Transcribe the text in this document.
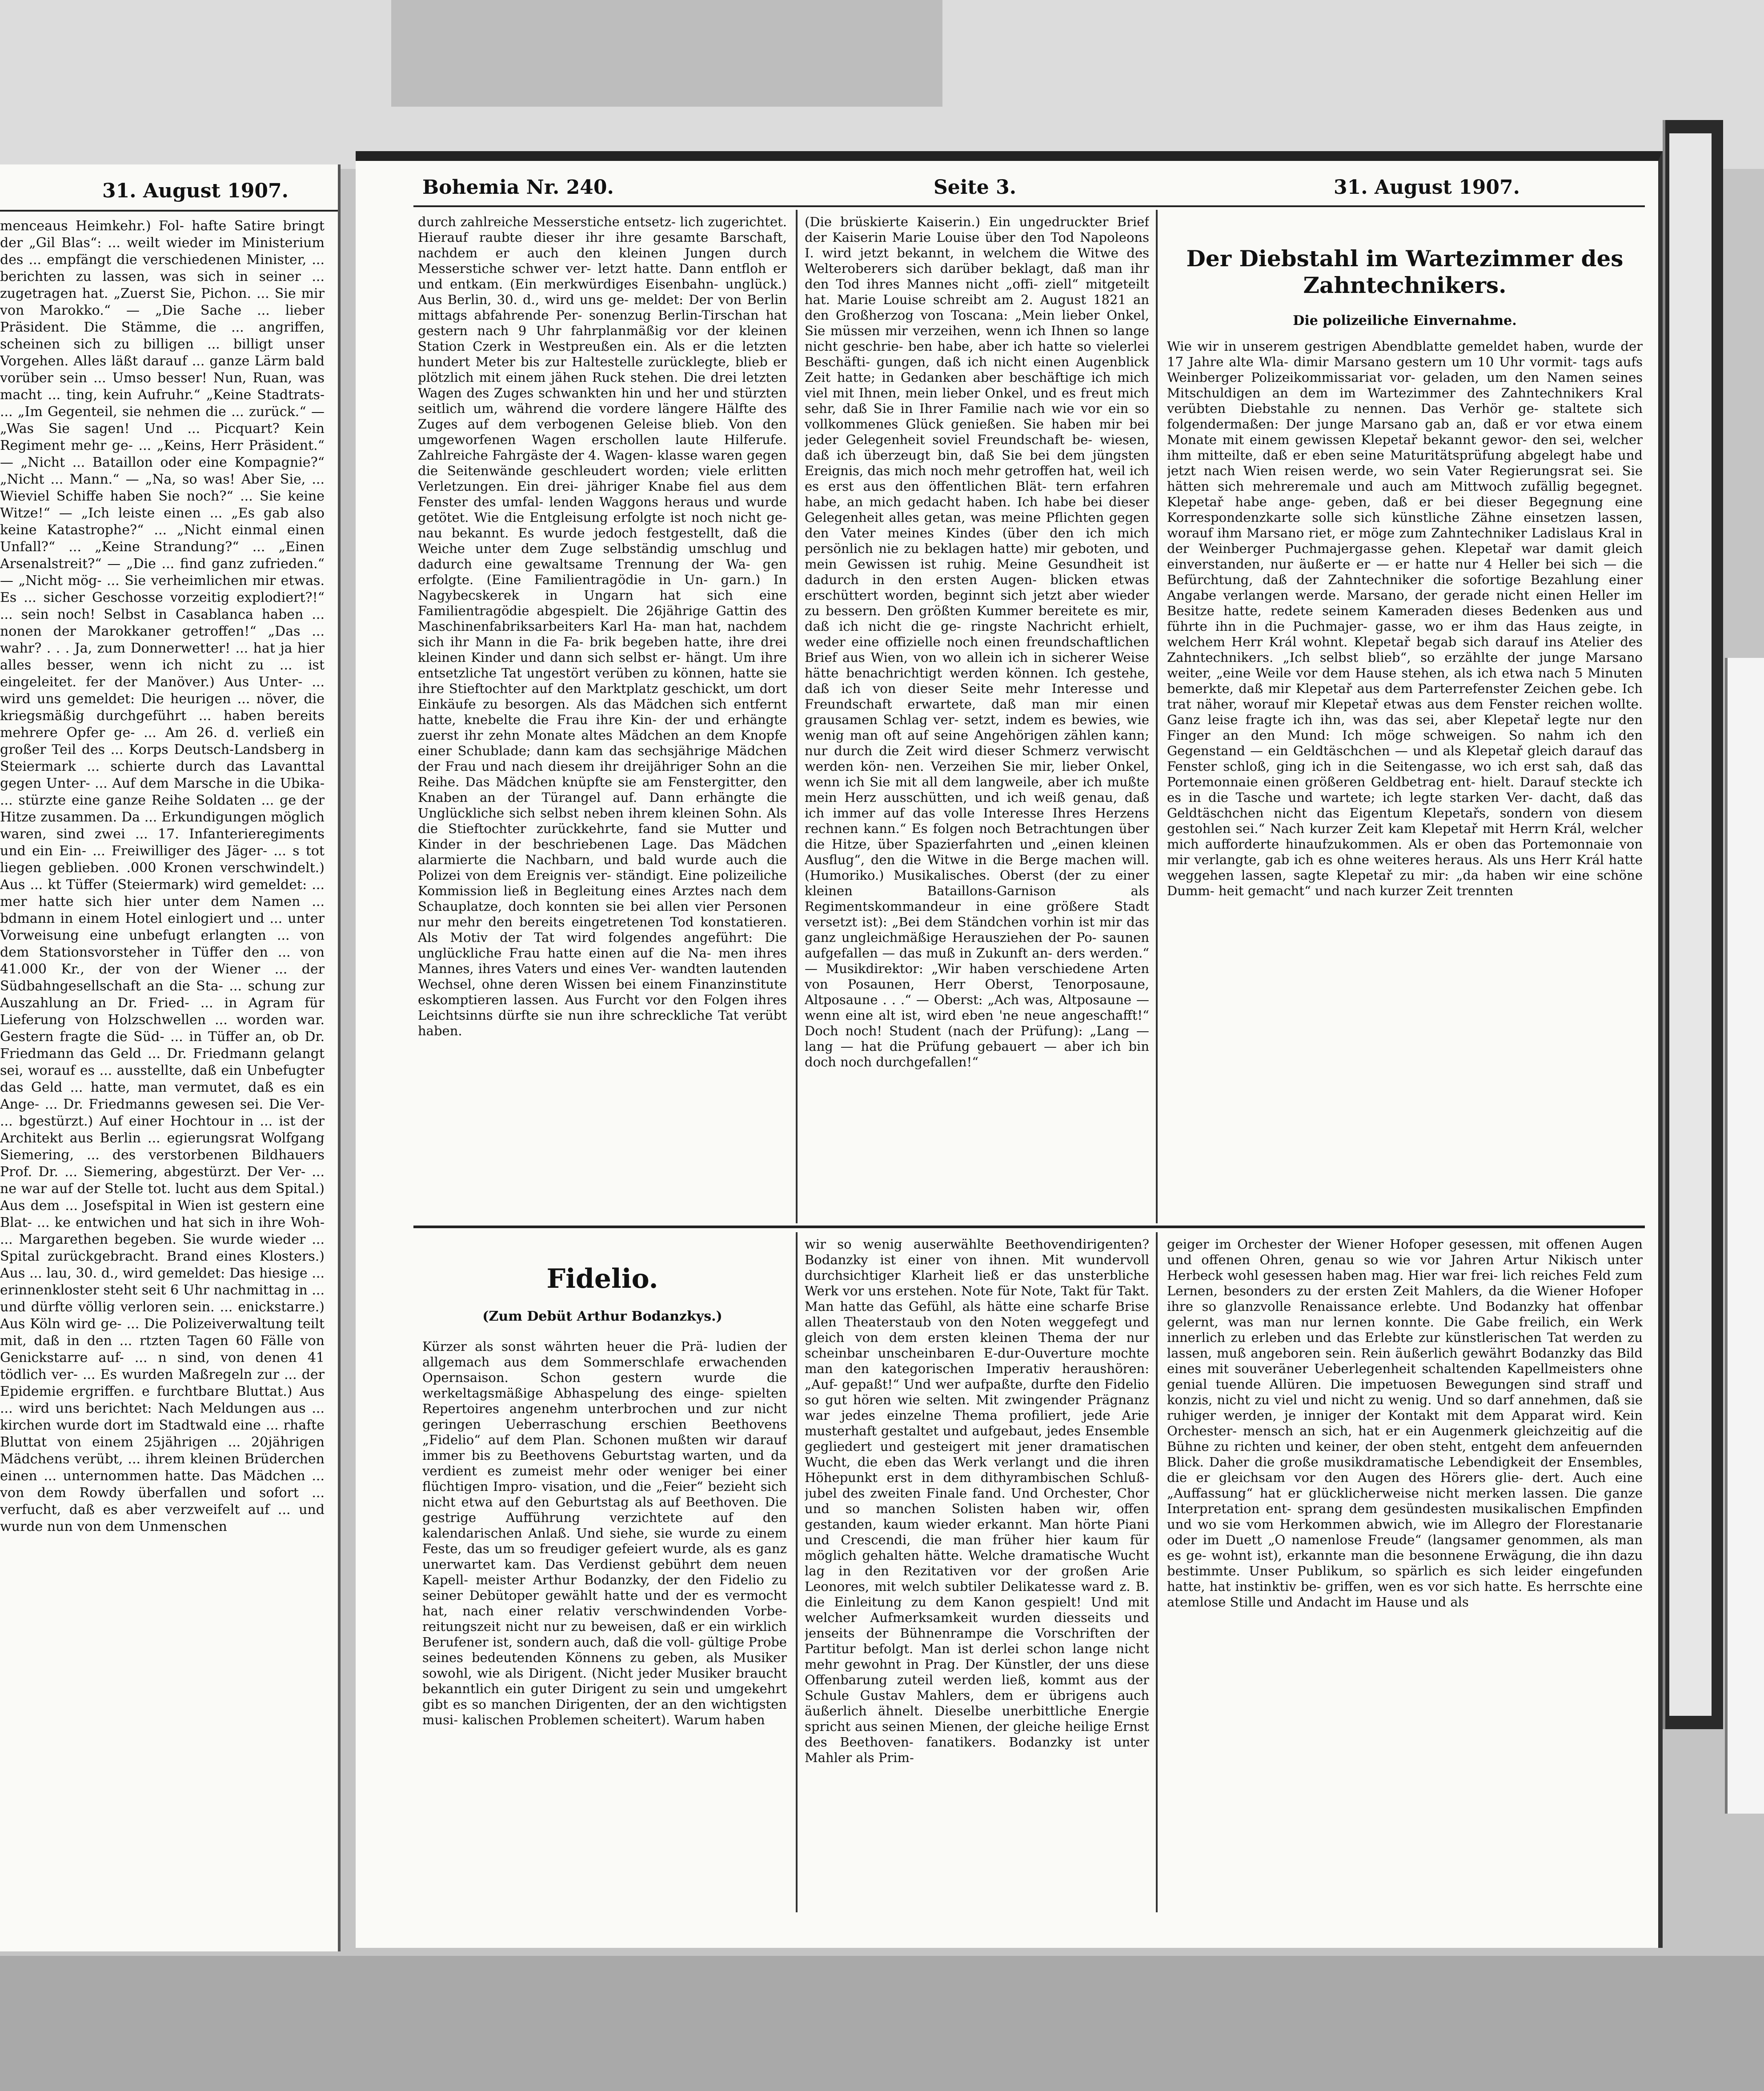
31. August 1907.
menceaus Heimkehr.) Fol- hafte Satire bringt der „Gil Blas“: ... weilt wieder im Ministerium des ... empfängt die verschiedenen Minister, ... berichten zu lassen, was sich in seiner ... zugetragen hat. „Zuerst Sie, Pichon. ... Sie mir von Marokko.“ — „Die Sache ... lieber Präsident. Die Stämme, die ... angriffen, scheinen sich zu billigen ... billigt unser Vorgehen. Alles läßt darauf ... ganze Lärm bald vorüber sein ... Umso besser! Nun, Ruan, was macht ... ting, kein Aufruhr.“ „Keine Stadtrats- ... „Im Gegenteil, sie nehmen die ... zurück.“ — „Was Sie sagen! Und ... Picquart? Kein Regiment mehr ge- ... „Keins, Herr Präsident.“ — „Nicht ... Bataillon oder eine Kompagnie?“ „Nicht ... Mann.“ — „Na, so was! Aber Sie, ... Wieviel Schiffe haben Sie noch?“ ... Sie keine Witze!“ — „Ich leiste einen ... „Es gab also keine Katastrophe?“ ... „Nicht einmal einen Unfall?“ ... „Keine Strandung?“ ... „Einen Arsenalstreit?“ — „Die ... find ganz zufrieden.“ — „Nicht mög- ... Sie verheimlichen mir etwas. Es ... sicher Geschosse vorzeitig explodiert?!“ ... sein noch! Selbst in Casablanca haben ... nonen der Marokkaner getroffen!“ „Das ... wahr? . . . Ja, zum Donnerwetter! ... hat ja hier alles besser, wenn ich nicht zu ... ist eingeleitet. fer der Manöver.) Aus Unter- ... wird uns gemeldet: Die heurigen ... növer, die kriegsmäßig durchgeführt ... haben bereits mehrere Opfer ge- ... Am 26. d. verließ ein großer Teil des ... Korps Deutsch-Landsberg in Steiermark ... schierte durch das Lavanttal gegen Unter- ... Auf dem Marsche in die Ubika- ... stürzte eine ganze Reihe Soldaten ... ge der Hitze zusammen. Da ... Erkundigungen möglich waren, sind zwei ... 17. Infanterieregiments und ein Ein- ... Freiwilliger des Jäger- ... s tot liegen geblieben. .000 Kronen verschwindelt.) Aus ... kt Tüffer (Steiermark) wird gemeldet: ... mer hatte sich hier unter dem Namen ... bdmann in einem Hotel einlogiert und ... unter Vorweisung eine unbefugt erlangten ... von dem Stationsvorsteher in Tüffer den ... von 41.000 Kr., der von der Wiener ... der Südbahngesellschaft an die Sta- ... schung zur Auszahlung an Dr. Fried- ... in Agram für Lieferung von Holzschwellen ... worden war. Gestern fragte die Süd- ... in Tüffer an, ob Dr. Friedmann das Geld ... Dr. Friedmann gelangt sei, worauf es ... ausstellte, daß ein Unbefugter das Geld ... hatte, man vermutet, daß es ein Ange- ... Dr. Friedmanns gewesen sei. Die Ver- ... bgestürzt.) Auf einer Hochtour in ... ist der Architekt aus Berlin ... egierungsrat Wolfgang Siemering, ... des verstorbenen Bildhauers Prof. Dr. ... Siemering, abgestürzt. Der Ver- ... ne war auf der Stelle tot. lucht aus dem Spital.) Aus dem ... Josefspital in Wien ist gestern eine Blat- ... ke entwichen und hat sich in ihre Woh- ... Margarethen begeben. Sie wurde wieder ... Spital zurückgebracht. Brand eines Klosters.) Aus ... lau, 30. d., wird gemeldet: Das hiesige ... erinnenkloster steht seit 6 Uhr nachmittag in ... und dürfte völlig verloren sein. ... enickstarre.) Aus Köln wird ge- ... Die Polizeiverwaltung teilt mit, daß in den ... rtzten Tagen 60 Fälle von Genickstarre auf- ... n sind, von denen 41 tödlich ver- ... Es wurden Maßregeln zur ... der Epidemie ergriffen. e furchtbare Bluttat.) Aus ... wird uns berichtet: Nach Meldungen aus ... kirchen wurde dort im Stadtwald eine ... rhafte Bluttat von einem 25jährigen ... 20jährigen Mädchens verübt, ... ihrem kleinen Brüderchen einen ... unternommen hatte. Das Mädchen ... von dem Rowdy überfallen und sofort ... verfucht, daß es aber verzweifelt auf ... und wurde nun von dem Unmenschen
Bohemia Nr. 240.	Seite 3.	31. August 1907.
durch zahlreiche Messerstiche entsetz- lich zugerichtet. Hierauf raubte dieser ihr ihre gesamte Barschaft, nachdem er auch den kleinen Jungen durch Messerstiche schwer ver- letzt hatte. Dann entfloh er und entkam. (Ein merkwürdiges Eisenbahn- unglück.) Aus Berlin, 30. d., wird uns ge- meldet: Der von Berlin mittags abfahrende Per- sonenzug Berlin-Tirschan hat gestern nach 9 Uhr fahrplanmäßig vor der kleinen Station Czerk in Westpreußen ein. Als er die letzten hundert Meter bis zur Haltestelle zurücklegte, blieb er plötzlich mit einem jähen Ruck stehen. Die drei letzten Wagen des Zuges schwankten hin und her und stürzten seitlich um, während die vordere längere Hälfte des Zuges auf dem verbogenen Geleise blieb. Von den umgeworfenen Wagen erschollen laute Hilferufe. Zahlreiche Fahrgäste der 4. Wagen- klasse waren gegen die Seitenwände geschleudert worden; viele erlitten Verletzungen. Ein drei- jähriger Knabe fiel aus dem Fenster des umfal- lenden Waggons heraus und wurde getötet. Wie die Entgleisung erfolgte ist noch nicht ge- nau bekannt. Es wurde jedoch festgestellt, daß die Weiche unter dem Zuge selbständig umschlug und dadurch eine gewaltsame Trennung der Wa- gen erfolgte. (Eine Familientragödie in Un- garn.) In Nagybecskerek in Ungarn hat sich eine Familientragödie abgespielt. Die 26jährige Gattin des Maschinenfabriksarbeiters Karl Ha- man hat, nachdem sich ihr Mann in die Fa- brik begeben hatte, ihre drei kleinen Kinder und dann sich selbst er- hängt. Um ihre entsetzliche Tat ungestört verüben zu können, hatte sie ihre Stieftochter auf den Marktplatz geschickt, um dort Einkäufe zu besorgen. Als das Mädchen sich entfernt hatte, knebelte die Frau ihre Kin- der und erhängte zuerst ihr zehn Monate altes Mädchen an dem Knopfe einer Schublade; dann kam das sechsjährige Mädchen der Frau und nach diesem ihr dreijähriger Sohn an die Reihe. Das Mädchen knüpfte sie am Fenstergitter, den Knaben an der Türangel auf. Dann erhängte die Unglückliche sich selbst neben ihrem kleinen Sohn. Als die Stieftochter zurückkehrte, fand sie Mutter und Kinder in der beschriebenen Lage. Das Mädchen alarmierte die Nachbarn, und bald wurde auch die Polizei von dem Ereignis ver- ständigt. Eine polizeiliche Kommission ließ in Begleitung eines Arztes nach dem Schauplatze, doch konnten sie bei allen vier Personen nur mehr den bereits eingetretenen Tod konstatieren. Als Motiv der Tat wird folgendes angeführt: Die unglückliche Frau hatte einen auf die Na- men ihres Mannes, ihres Vaters und eines Ver- wandten lautenden Wechsel, ohne deren Wissen bei einem Finanzinstitute eskomptieren lassen. Aus Furcht vor den Folgen ihres Leichtsinns dürfte sie nun ihre schreckliche Tat verübt haben.
(Die brüskierte Kaiserin.) Ein ungedruckter Brief der Kaiserin Marie Louise über den Tod Napoleons I. wird jetzt bekannt, in welchem die Witwe des Welteroberers sich darüber beklagt, daß man ihr den Tod ihres Mannes nicht „offi- ziell“ mitgeteilt hat. Marie Louise schreibt am 2. August 1821 an den Großherzog von Toscana: „Mein lieber Onkel, Sie müssen mir verzeihen, wenn ich Ihnen so lange nicht geschrie- ben habe, aber ich hatte so vielerlei Beschäfti- gungen, daß ich nicht einen Augenblick Zeit hatte; in Gedanken aber beschäftige ich mich viel mit Ihnen, mein lieber Onkel, und es freut mich sehr, daß Sie in Ihrer Familie nach wie vor ein so vollkommenes Glück genießen. Sie haben mir bei jeder Gelegenheit soviel Freundschaft be- wiesen, daß ich überzeugt bin, daß Sie bei dem jüngsten Ereignis, das mich noch mehr getroffen hat, weil ich es erst aus den öffentlichen Blät- tern erfahren habe, an mich gedacht haben. Ich habe bei dieser Gelegenheit alles getan, was meine Pflichten gegen den Vater meines Kindes (über den ich mich persönlich nie zu beklagen hatte) mir geboten, und mein Gewissen ist ruhig. Meine Gesundheit ist dadurch in den ersten Augen- blicken etwas erschüttert worden, beginnt sich jetzt aber wieder zu bessern. Den größten Kummer bereitete es mir, daß ich nicht die ge- ringste Nachricht erhielt, weder eine offizielle noch einen freundschaftlichen Brief aus Wien, von wo allein ich in sicherer Weise hätte benachrichtigt werden können. Ich gestehe, daß ich von dieser Seite mehr Interesse und Freundschaft erwartete, daß man mir einen grausamen Schlag ver- setzt, indem es bewies, wie wenig man oft auf seine Angehörigen zählen kann; nur durch die Zeit wird dieser Schmerz verwischt werden kön- nen. Verzeihen Sie mir, lieber Onkel, wenn ich Sie mit all dem langweile, aber ich mußte mein Herz ausschütten, und ich weiß genau, daß ich immer auf das volle Interesse Ihres Herzens rechnen kann.“ Es folgen noch Betrachtungen über die Hitze, über Spazierfahrten und „einen kleinen Ausflug“, den die Witwe in die Berge machen will. (Humoriko.) Musikalisches. Oberst (der zu einer kleinen Bataillons-Garnison als Regimentskommandeur in eine größere Stadt versetzt ist): „Bei dem Ständchen vorhin ist mir das ganz ungleichmäßige Herausziehen der Po- saunen aufgefallen — das muß in Zukunft an- ders werden.“ — Musikdirektor: „Wir haben verschiedene Arten von Posaunen, Herr Oberst, Tenorposaune, Altposaune . . .“ — Oberst: „Ach was, Altposaune — wenn eine alt ist, wird eben 'ne neue angeschafft!“ Doch noch! Student (nach der Prüfung): „Lang — lang — hat die Prüfung gebauert — aber ich bin doch noch durchgefallen!“
Der Diebstahl im Wartezimmer des Zahntechnikers.
Die polizeiliche Einvernahme.
Wie wir in unserem gestrigen Abendblatte gemeldet haben, wurde der 17 Jahre alte Wla- dimir Marsano gestern um 10 Uhr vormit- tags aufs Weinberger Polizeikommissariat vor- geladen, um den Namen seines Mitschuldigen an dem im Wartezimmer des Zahntechnikers Kral verübten Diebstahle zu nennen. Das Verhör ge- staltete sich folgendermaßen: Der junge Marsano gab an, daß er vor etwa einem Monate mit einem gewissen Klepetař bekannt gewor- den sei, welcher ihm mitteilte, daß er eben seine Maturitätsprüfung abgelegt habe und jetzt nach Wien reisen werde, wo sein Vater Regierungsrat sei. Sie hätten sich mehreremale und auch am Mittwoch zufällig begegnet. Klepetař habe ange- geben, daß er bei dieser Begegnung eine Korrespondenzkarte solle sich künstliche Zähne einsetzen lassen, worauf ihm Marsano riet, er möge zum Zahntechniker Ladislaus Kral in der Weinberger Puchmajergasse gehen. Klepetař war damit gleich einverstanden, nur äußerte er — er hatte nur 4 Heller bei sich — die Befürchtung, daß der Zahntechniker die sofortige Bezahlung einer Angabe verlangen werde. Marsano, der gerade nicht einen Heller im Besitze hatte, redete seinem Kameraden dieses Bedenken aus und führte ihn in die Puchmajer- gasse, wo er ihm das Haus zeigte, in welchem Herr Král wohnt. Klepetař begab sich darauf ins Atelier des Zahntechnikers. „Ich selbst blieb“, so erzählte der junge Marsano weiter, „eine Weile vor dem Hause stehen, als ich etwa nach 5 Minuten bemerkte, daß mir Klepetař aus dem Parterrefenster Zeichen gebe. Ich trat näher, worauf mir Klepetař etwas aus dem Fenster reichen wollte. Ganz leise fragte ich ihn, was das sei, aber Klepetař legte nur den Finger an den Mund: Ich möge schweigen. So nahm ich den Gegenstand — ein Geldtäschchen — und als Klepetař gleich darauf das Fenster schloß, ging ich in die Seitengasse, wo ich erst sah, daß das Portemonnaie einen größeren Geldbetrag ent- hielt. Darauf steckte ich es in die Tasche und wartete; ich legte starken Ver- dacht, daß das Geldtäschchen nicht das Eigentum Klepetařs, sondern von diesem gestohlen sei.“ Nach kurzer Zeit kam Klepetař mit Herrn Král, welcher mich aufforderte hinaufzukommen. Als er oben das Portemonnaie von mir verlangte, gab ich es ohne weiteres heraus. Als uns Herr Král hatte weggehen lassen, sagte Klepetař zu mir: „da haben wir eine schöne Dumm- heit gemacht“ und nach kurzer Zeit trennten
Fidelio.
(Zum Debüt Arthur Bodanzkys.)
Kürzer als sonst währten heuer die Prä- ludien der allgemach aus dem Sommerschlafe erwachenden Opernsaison. Schon gestern wurde die werkeltagsmäßige Abhaspelung des einge- spielten Repertoires angenehm unterbrochen und zur nicht geringen Ueberraschung erschien Beethovens „Fidelio“ auf dem Plan. Schonen mußten wir darauf immer bis zu Beethovens Geburtstag warten, und da verdient es zumeist mehr oder weniger bei einer flüchtigen Impro- visation, und die „Feier“ bezieht sich nicht etwa auf den Geburtstag als auf Beethoven. Die gestrige Aufführung verzichtete auf den kalendarischen Anlaß. Und siehe, sie wurde zu einem Feste, das um so freudiger gefeiert wurde, als es ganz unerwartet kam. Das Verdienst gebührt dem neuen Kapell- meister Arthur Bodanzky, der den Fidelio zu seiner Debütoper gewählt hatte und der es vermocht hat, nach einer relativ verschwindenden Vorbe- reitungszeit nicht nur zu beweisen, daß er ein wirklich Berufener ist, sondern auch, daß die voll- gültige Probe seines bedeutenden Könnens zu geben, als Musiker sowohl, wie als Dirigent. (Nicht jeder Musiker braucht bekanntlich ein guter Dirigent zu sein und umgekehrt gibt es so manchen Dirigenten, der an den wichtigsten musi- kalischen Problemen scheitert). Warum haben
wir so wenig auserwählte Beethovendirigenten? Bodanzky ist einer von ihnen. Mit wundervoll durchsichtiger Klarheit ließ er das unsterbliche Werk vor uns erstehen. Note für Note, Takt für Takt. Man hatte das Gefühl, als hätte eine scharfe Brise allen Theaterstaub von den Noten weggefegt und gleich von dem ersten kleinen Thema der nur scheinbar unscheinbaren E-dur-Ouverture mochte man den kategorischen Imperativ heraushören: „Auf- gepaßt!“ Und wer aufpaßte, durfte den Fidelio so gut hören wie selten. Mit zwingender Prägnanz war jedes einzelne Thema profiliert, jede Arie musterhaft gestaltet und aufgebaut, jedes Ensemble gegliedert und gesteigert mit jener dramatischen Wucht, die eben das Werk verlangt und die ihren Höhepunkt erst in dem dithyrambischen Schluß- jubel des zweiten Finale fand. Und Orchester, Chor und so manchen Solisten haben wir, offen gestanden, kaum wieder erkannt. Man hörte Piani und Crescendi, die man früher hier kaum für möglich gehalten hätte. Welche dramatische Wucht lag in den Rezitativen vor der großen Arie Leonores, mit welch subtiler Delikatesse ward z. B. die Einleitung zu dem Kanon gespielt! Und mit welcher Aufmerksamkeit wurden diesseits und jenseits der Bühnenrampe die Vorschriften der Partitur befolgt. Man ist derlei schon lange nicht mehr gewohnt in Prag. Der Künstler, der uns diese Offenbarung zuteil werden ließ, kommt aus der Schule Gustav Mahlers, dem er übrigens auch äußerlich ähnelt. Dieselbe unerbittliche Energie spricht aus seinen Mienen, der gleiche heilige Ernst des Beethoven- fanatikers. Bodanzky ist unter Mahler als Prim-
geiger im Orchester der Wiener Hofoper gesessen, mit offenen Augen und offenen Ohren, genau so wie vor Jahren Artur Nikisch unter Herbeck wohl gesessen haben mag. Hier war frei- lich reiches Feld zum Lernen, besonders zu der ersten Zeit Mahlers, da die Wiener Hofoper ihre so glanzvolle Renaissance erlebte. Und Bodanzky hat offenbar gelernt, was man nur lernen konnte. Die Gabe freilich, ein Werk innerlich zu erleben und das Erlebte zur künstlerischen Tat werden zu lassen, muß angeboren sein. Rein äußerlich gewährt Bodanzky das Bild eines mit souveräner Ueberlegenheit schaltenden Kapellmeisters ohne genial tuende Allüren. Die impetuosen Bewegungen sind straff und konzis, nicht zu viel und nicht zu wenig. Und so darf annehmen, daß sie ruhiger werden, je inniger der Kontakt mit dem Apparat wird. Kein Orchester- mensch an sich, hat er ein Augenmerk gleichzeitig auf die Bühne zu richten und keiner, der oben steht, entgeht dem anfeuernden Blick. Daher die große musikdramatische Lebendigkeit der Ensembles, die er gleichsam vor den Augen des Hörers glie- dert. Auch eine „Auffassung“ hat er glücklicherweise nicht merken lassen. Die ganze Interpretation ent- sprang dem gesündesten musikalischen Empfinden und wo sie vom Herkommen abwich, wie im Allegro der Florestanarie oder im Duett „O namenlose Freude“ (langsamer genommen, als man es ge- wohnt ist), erkannte man die besonnene Erwägung, die ihn dazu bestimmte. Unser Publikum, so spärlich es sich leider eingefunden hatte, hat instinktiv be- griffen, wen es vor sich hatte. Es herrschte eine atemlose Stille und Andacht im Hause und als
